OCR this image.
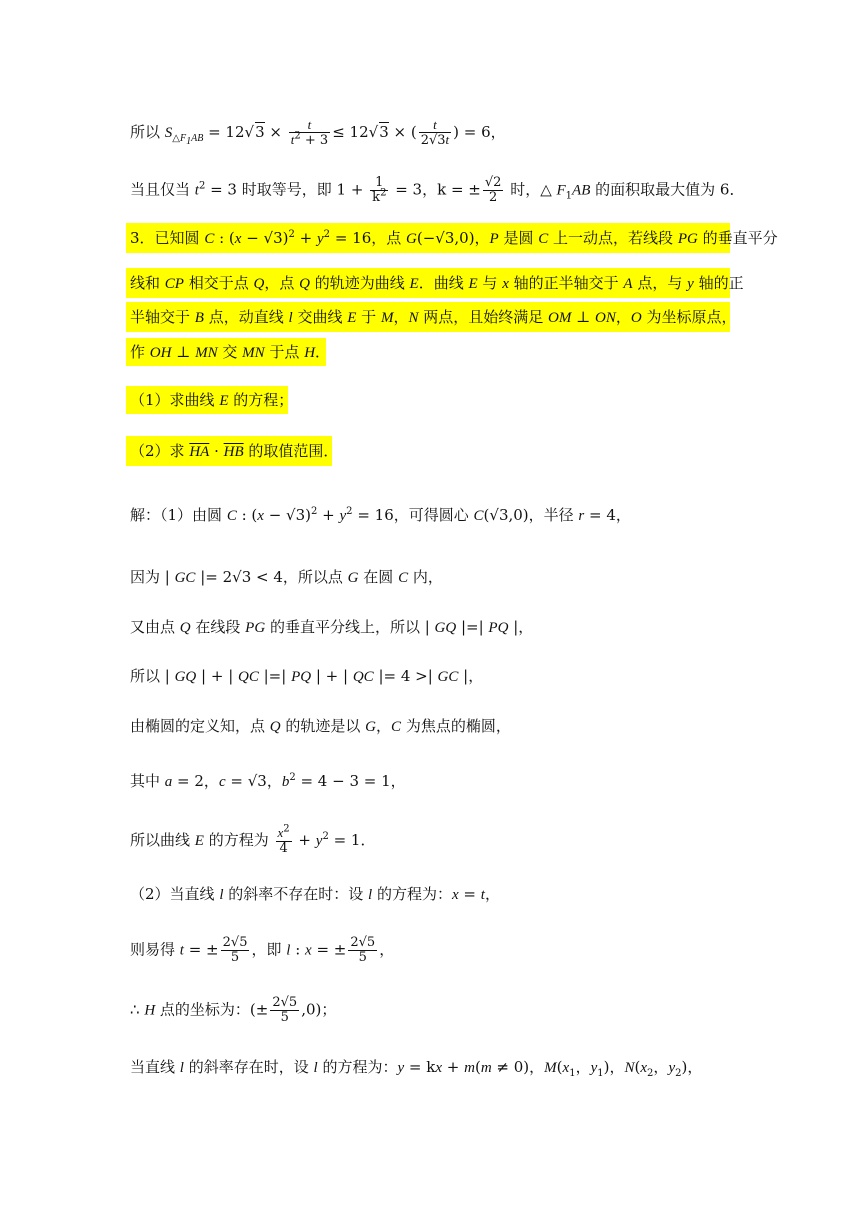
所以 $S_{\triangle F_1AB} = 12√3 \times \frac{t}{t^2 + 3} \le 12√3$ × ( $\frac{t}{2√3t}$ ) = 6，
当且仅当 $t^2 = 3$ 时取等号，即 $1 + \frac{1}{k^2} = 3$，k = ± $\frac{√2}{2}$ 时，△ $F_1AB$ 的面积取最大值为 6．
3．已知圆 C : $(x - √3)^2 + y^2 = 16$，点 G(−√3,0)，P 是圆 C 上一动点，若线段 PG 的垂直平分
线和 CP 相交于点 Q，点 Q 的轨迹为曲线 E．曲线 E 与 x 轴的正半轴交于 A 点，与 y 轴的正
半轴交于 B 点，动直线 l 交曲线 E 于 M，N 两点，且始终满足 OM ⊥ ON，O 为坐标原点，
作 OH ⊥ MN 交 MN 于点 H．
（1）求曲线 E 的方程；
（2）求 $\overline{HA} \cdot \overline{HB}$ 的取值范围．
解：（1）由圆 C : $(x - √3)^2 + y^2 = 16$，可得圆心 C(√3,0)，半径 r = 4，
因为 | GC |= 2√3 < 4，所以点 G 在圆 C 内，
又由点 Q 在线段 PG 的垂直平分线上，所以 | GQ |=| PQ |，
所以 | GQ | + | QC |=| PQ | + | QC |= 4 >| GC |，
由椭圆的定义知，点 Q 的轨迹是以 G，C 为焦点的椭圆，
其中 a = 2，c = √3，$b^2 = 4 - 3 = 1$，
所以曲线 E 的方程为 $\frac{x^2}{4} + y^2 = 1$．
（2）当直线 l 的斜率不存在时：设 l 的方程为：x = t，
则易得 t = ± $\frac{2√5}{5}$ ，即 l : x = ± $\frac{2√5}{5}$ ，
∴ H 点的坐标为：(± $\frac{2√5}{5} ,0$)；
当直线 l 的斜率存在时，设 l 的方程为：y = kx + m(m ≠ 0)，$M(x_1$，$y_1$)，$N(x_2$，$y_2$)，
